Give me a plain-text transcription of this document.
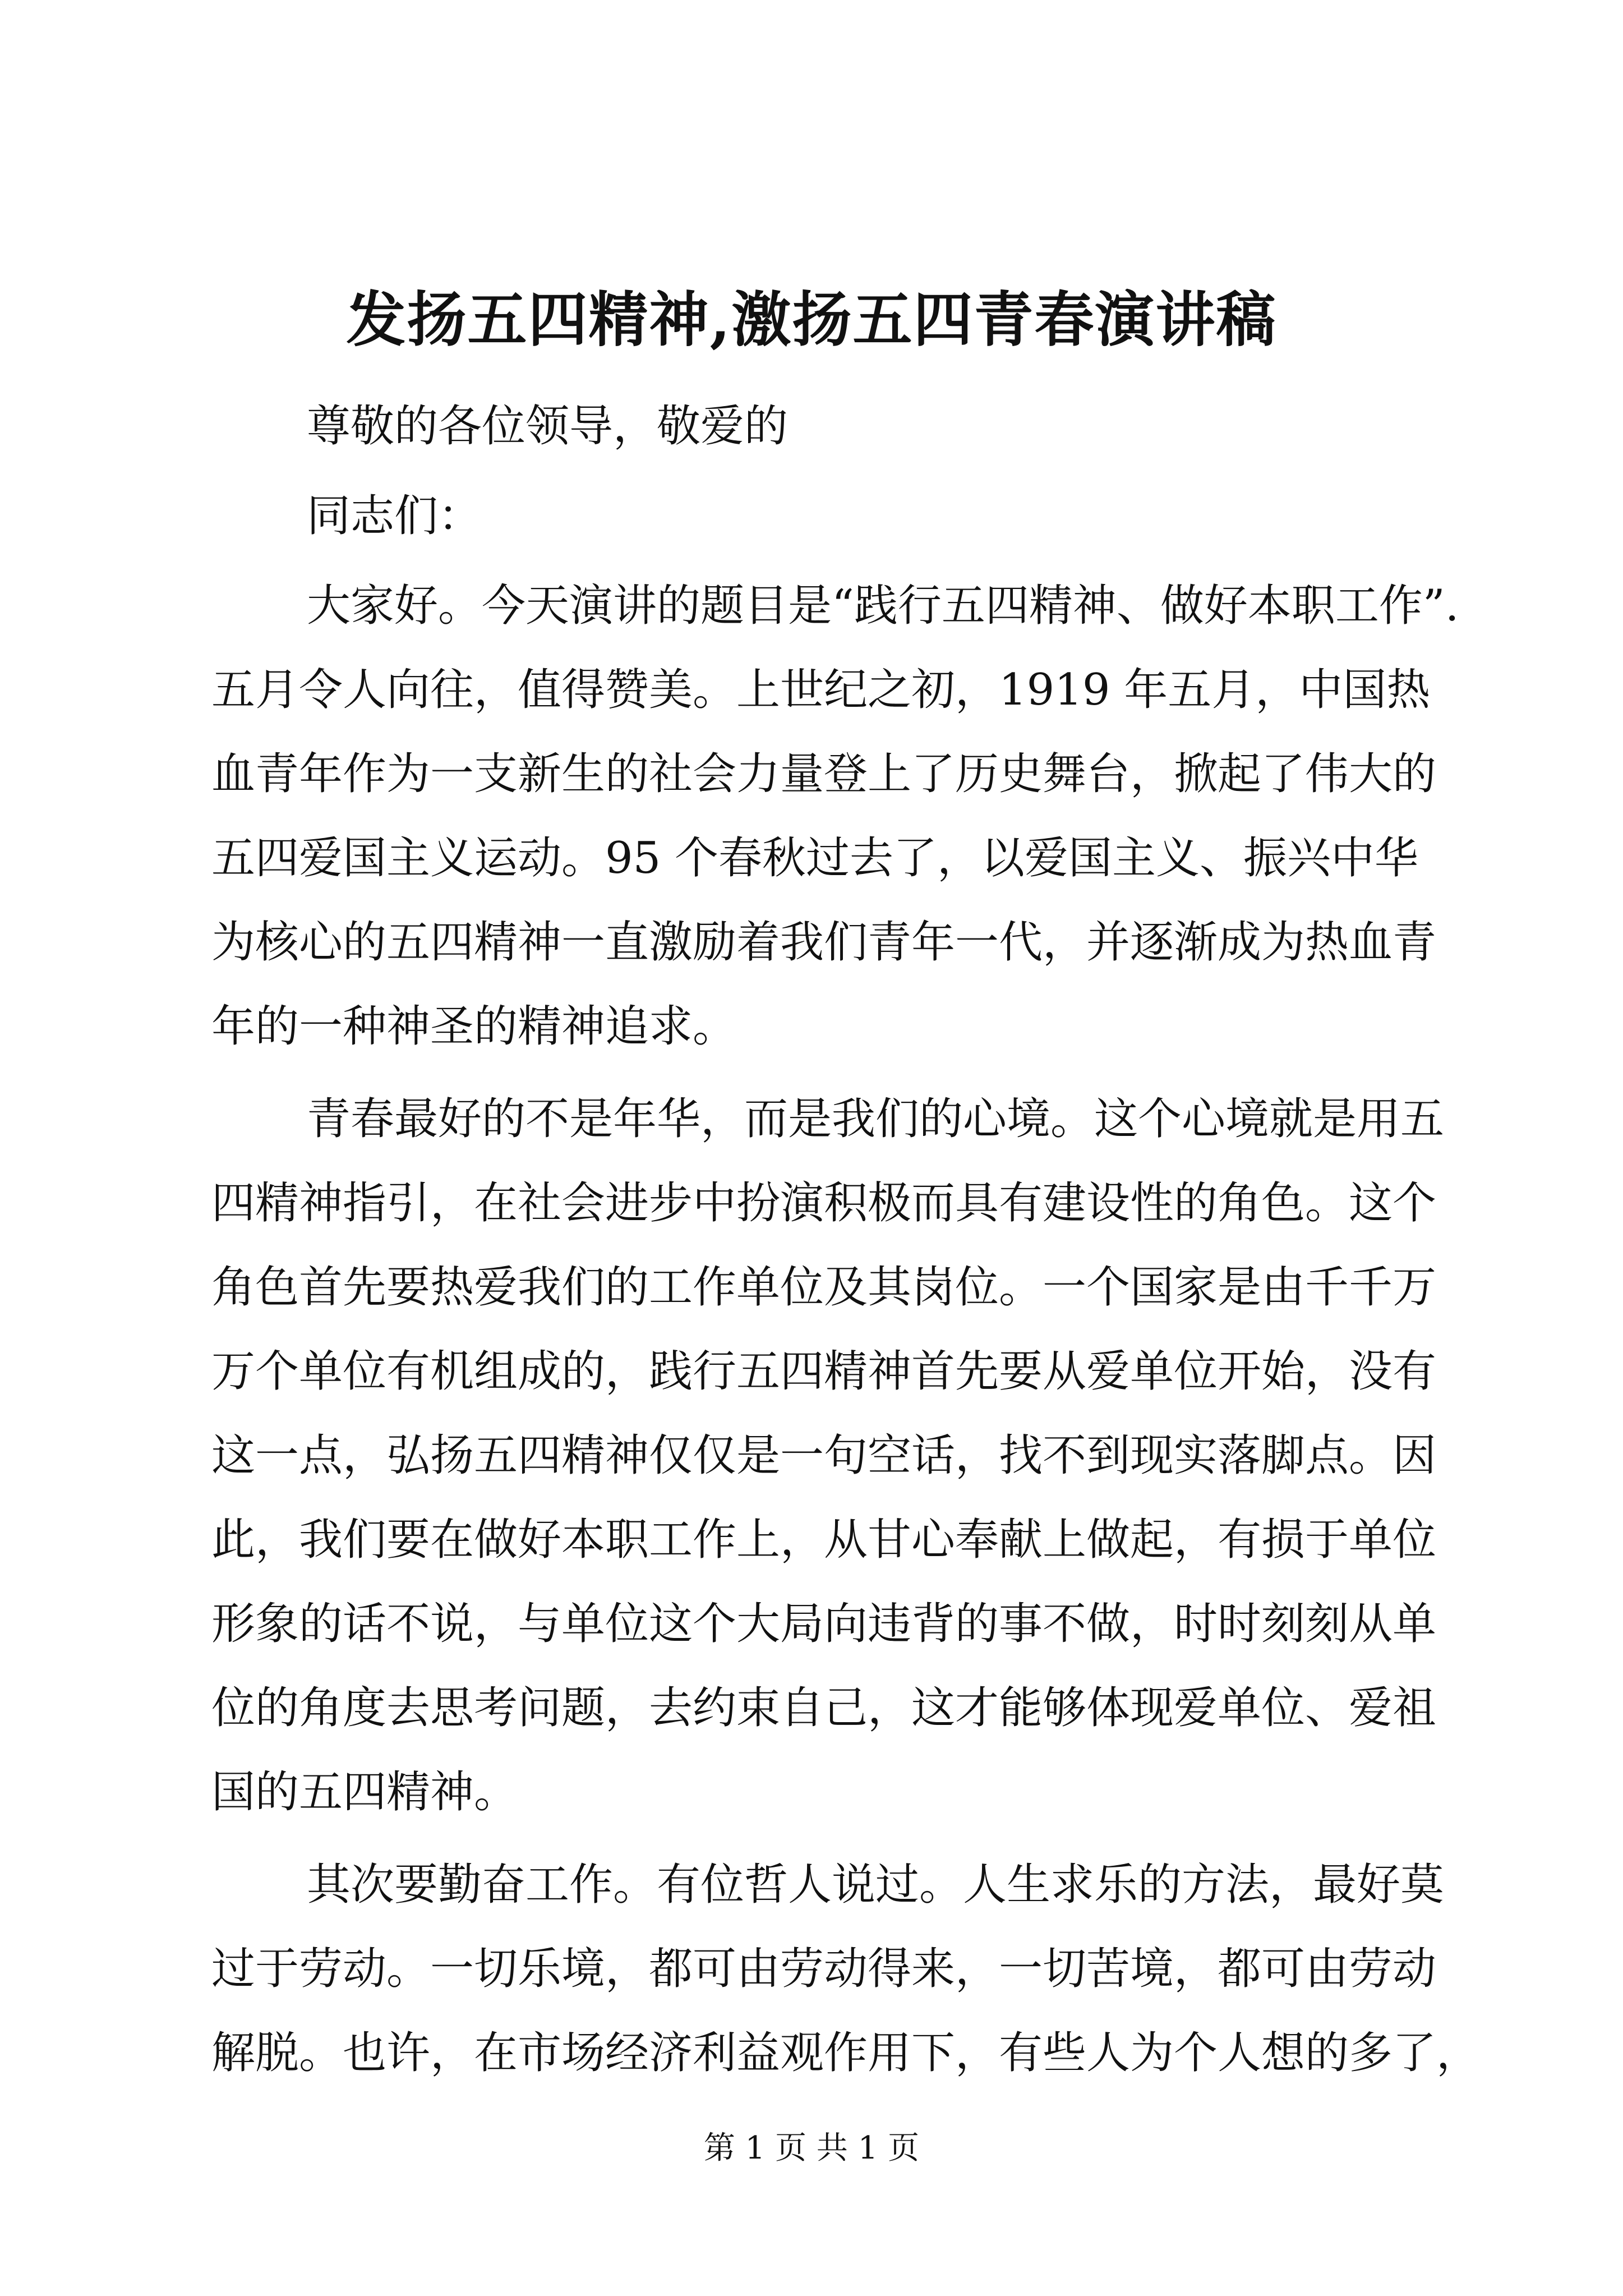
发扬五四精神,激扬五四青春演讲稿
尊敬的各位领导，敬爱的
同志们：
大家好。今天演讲的题目是“践行五四精神、做好本职工作”.
五月令人向往，值得赞美。上世纪之初，1919 年五月，中国热
血青年作为一支新生的社会力量登上了历史舞台，掀起了伟大的
五四爱国主义运动。95 个春秋过去了，以爱国主义、振兴中华
为核心的五四精神一直激励着我们青年一代，并逐渐成为热血青
年的一种神圣的精神追求。
青春最好的不是年华，而是我们的心境。这个心境就是用五
四精神指引，在社会进步中扮演积极而具有建设性的角色。这个
角色首先要热爱我们的工作单位及其岗位。一个国家是由千千万
万个单位有机组成的，践行五四精神首先要从爱单位开始，没有
这一点，弘扬五四精神仅仅是一句空话，找不到现实落脚点。因
此，我们要在做好本职工作上，从甘心奉献上做起，有损于单位
形象的话不说，与单位这个大局向违背的事不做，时时刻刻从单
位的角度去思考问题，去约束自己，这才能够体现爱单位、爱祖
国的五四精神。
其次要勤奋工作。有位哲人说过。人生求乐的方法，最好莫
过于劳动。一切乐境，都可由劳动得来，一切苦境，都可由劳动
解脱。也许，在市场经济利益观作用下，有些人为个人想的多了，
第 1 页 共 1 页
